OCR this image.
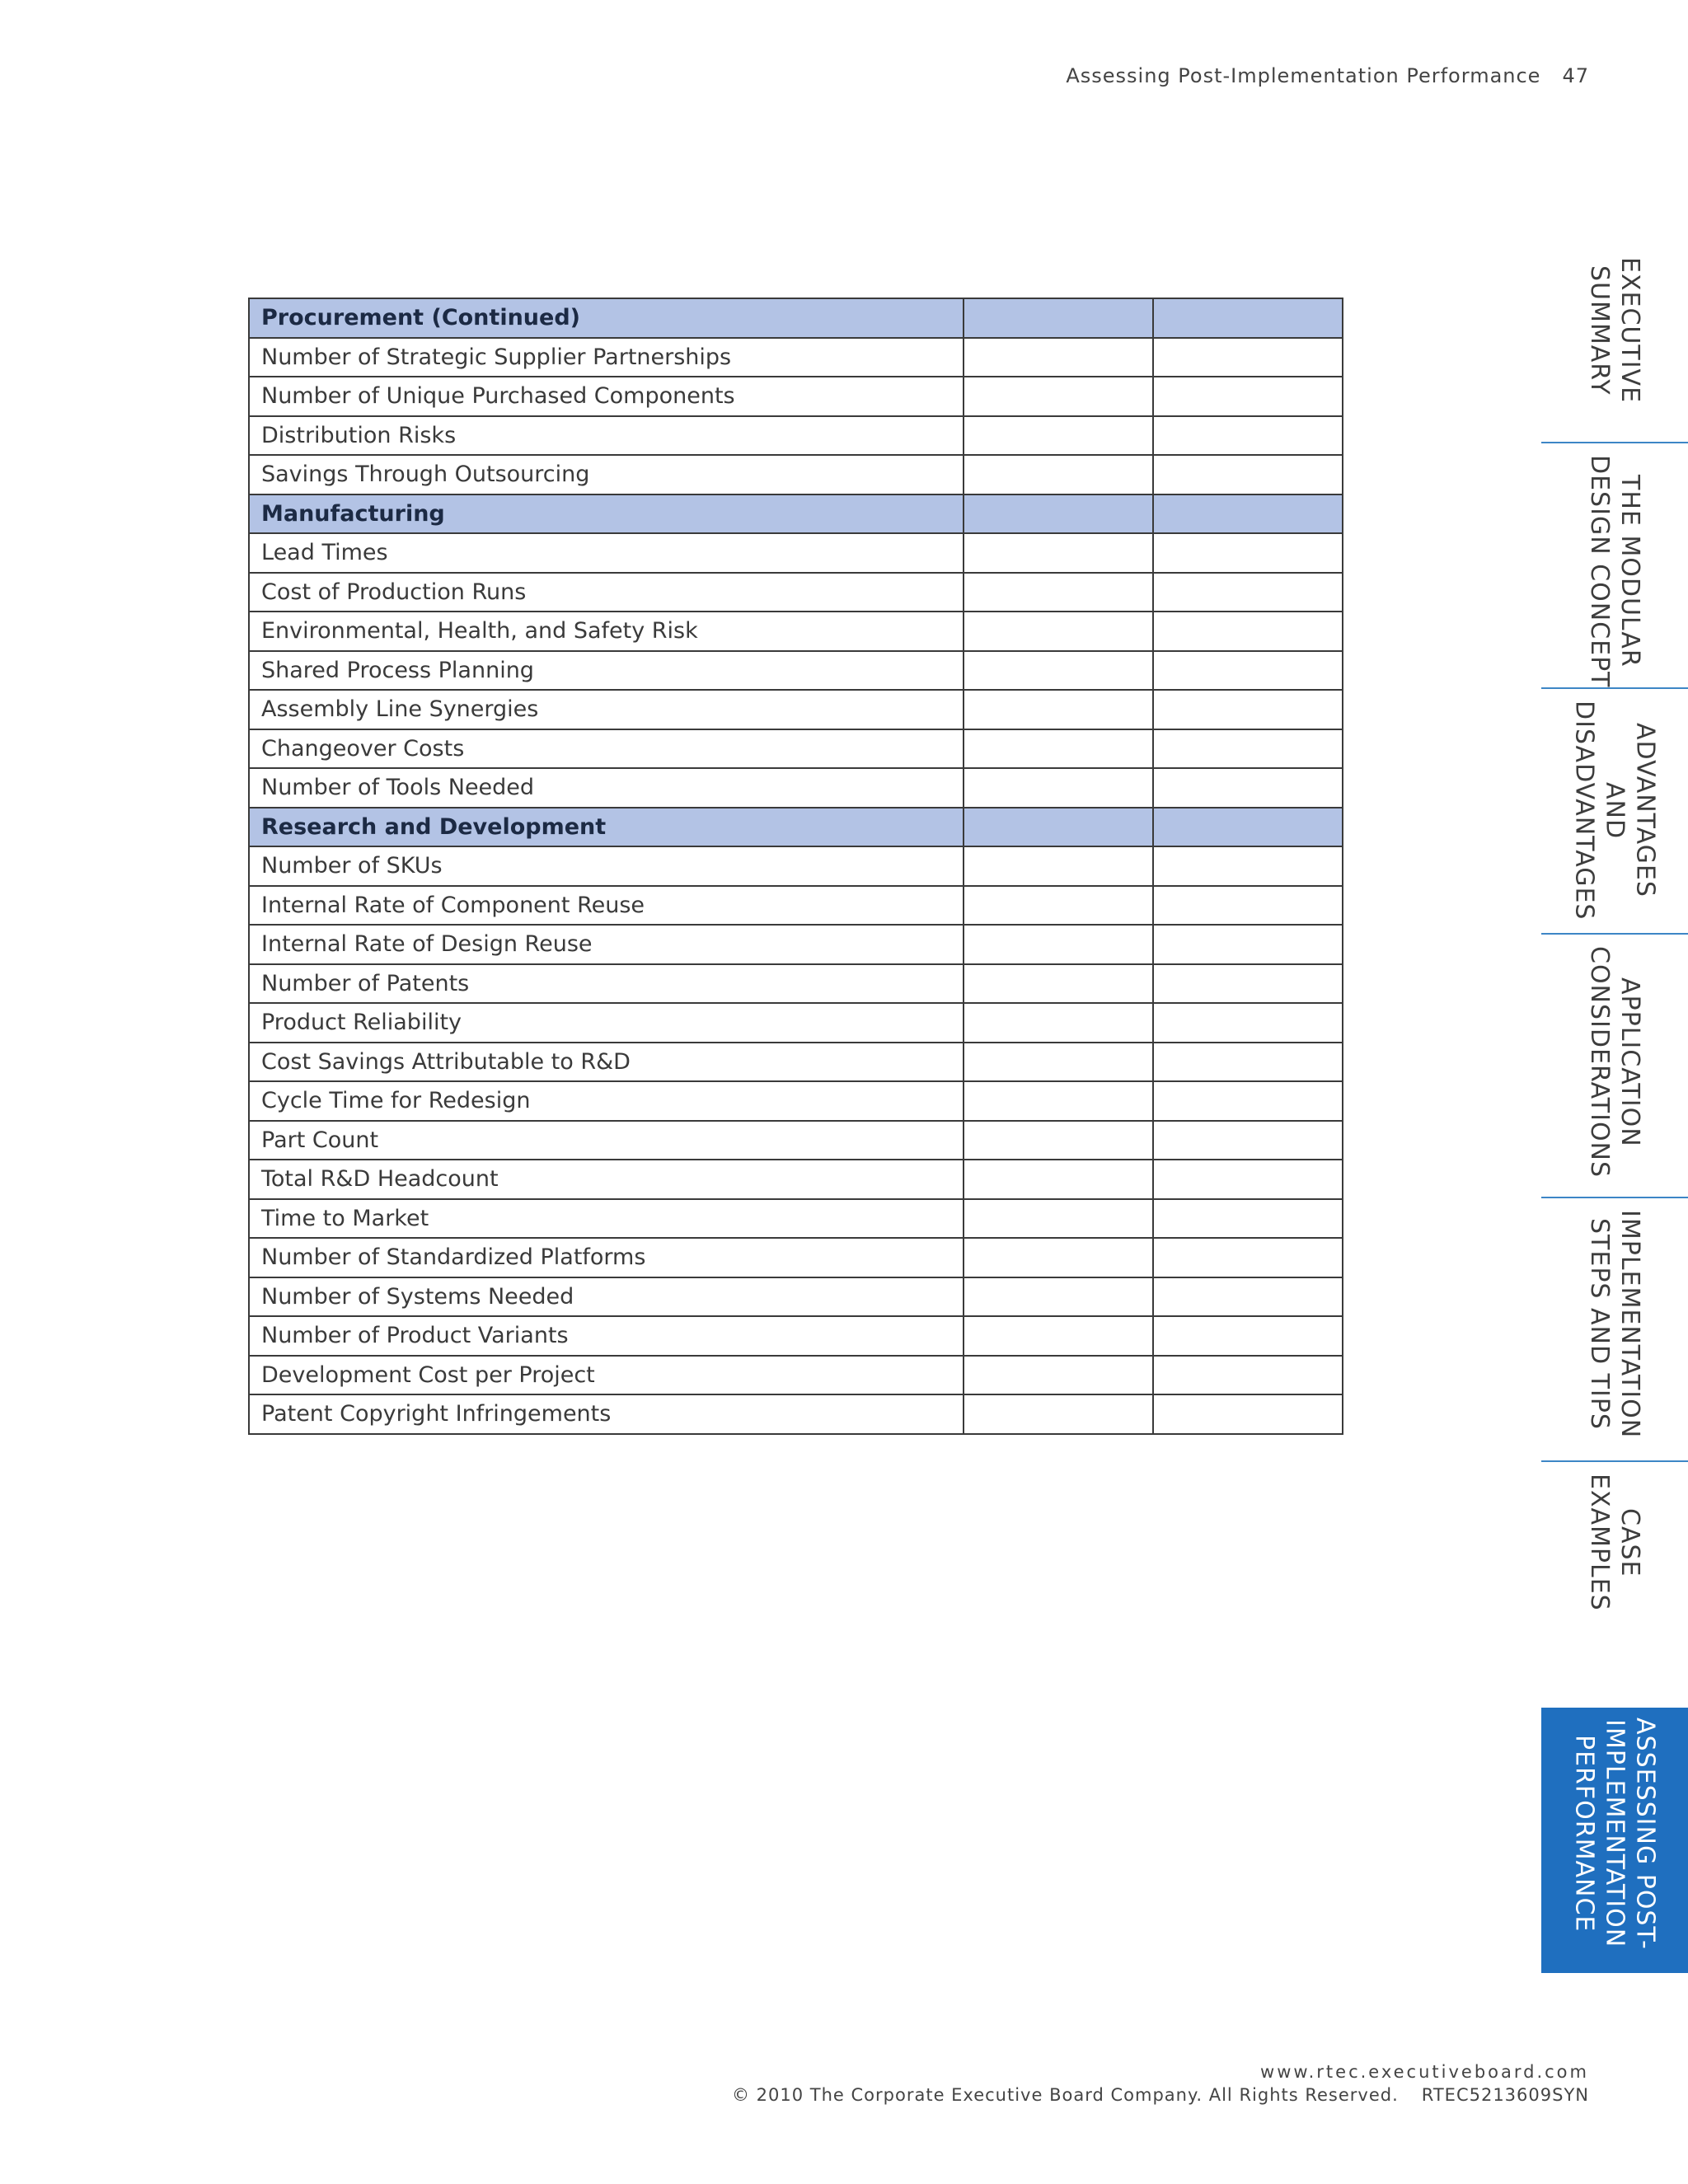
Assessing Post-Implementation Performance 47
Procurement (Continued)		
Number of Strategic Supplier Partnerships		
Number of Unique Purchased Components		
Distribution Risks		
Savings Through Outsourcing		
Manufacturing		
Lead Times		
Cost of Production Runs		
Environmental, Health, and Safety Risk		
Shared Process Planning		
Assembly Line Synergies		
Changeover Costs		
Number of Tools Needed		
Research and Development		
Number of SKUs		
Internal Rate of Component Reuse		
Internal Rate of Design Reuse		
Number of Patents		
Product Reliability		
Cost Savings Attributable to R&D		
Cycle Time for Redesign		
Part Count		
Total R&D Headcount		
Time to Market		
Number of Standardized Platforms		
Number of Systems Needed		
Number of Product Variants		
Development Cost per Project		
Patent Copyright Infringements		
EXECUTIVE
SUMMARY
THE MODULAR
DESIGN CONCEPT
ADVANTAGES
AND
DISADVANTAGES
APPLICATION
CONSIDERATIONS
IMPLEMENTATION
STEPS AND TIPS
CASE
EXAMPLES
ASSESSING POST-
IMPLEMENTATION
PERFORMANCE
www.rtec.executiveboard.com
© 2010 The Corporate Executive Board Company. All Rights Reserved. RTEC5213609SYN
